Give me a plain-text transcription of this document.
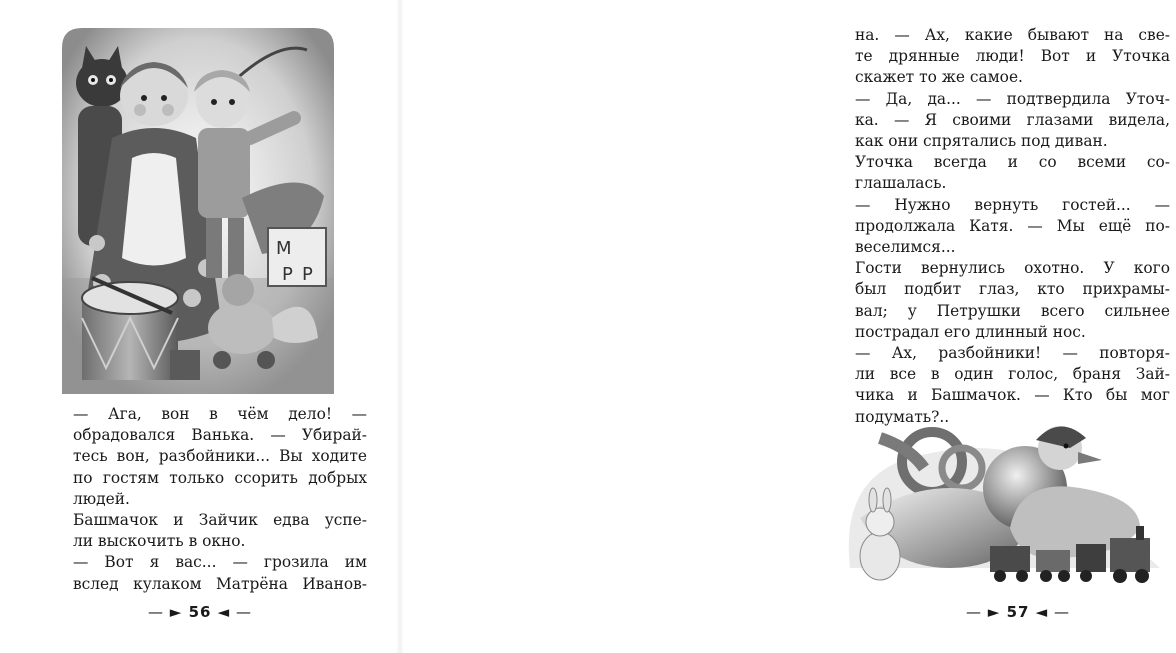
М
Р Р

— Ага, вон в чём дело! —
обрадовался Ванька. — Убирай-
тесь вон, разбойники... Вы ходите
по гостям только ссорить добрых
людей.
Башмачок и Зайчик едва успе-
ли выскочить в окно.
— Вот я вас... — грозила им
вслед кулаком Матрёна Иванов-

— ► 56 ◄ —

на. — Ах, какие бывают на све-
те дрянные люди! Вот и Уточка
скажет то же самое.
— Да, да... — подтвердила Уточ-
ка. — Я своими глазами видела,
как они спрятались под диван.
Уточка всегда и со всеми со-
глашалась.
— Нужно вернуть гостей... —
продолжала Катя. — Мы ещё по-
веселимся...
Гости вернулись охотно. У кого
был подбит глаз, кто прихрамы-
вал; у Петрушки всего сильнее
пострадал его длинный нос.
— Ах, разбойники! — повторя-
ли все в один голос, браня Зай-
чика и Башмачок. — Кто бы мог
подумать?..

— ► 57 ◄ —
